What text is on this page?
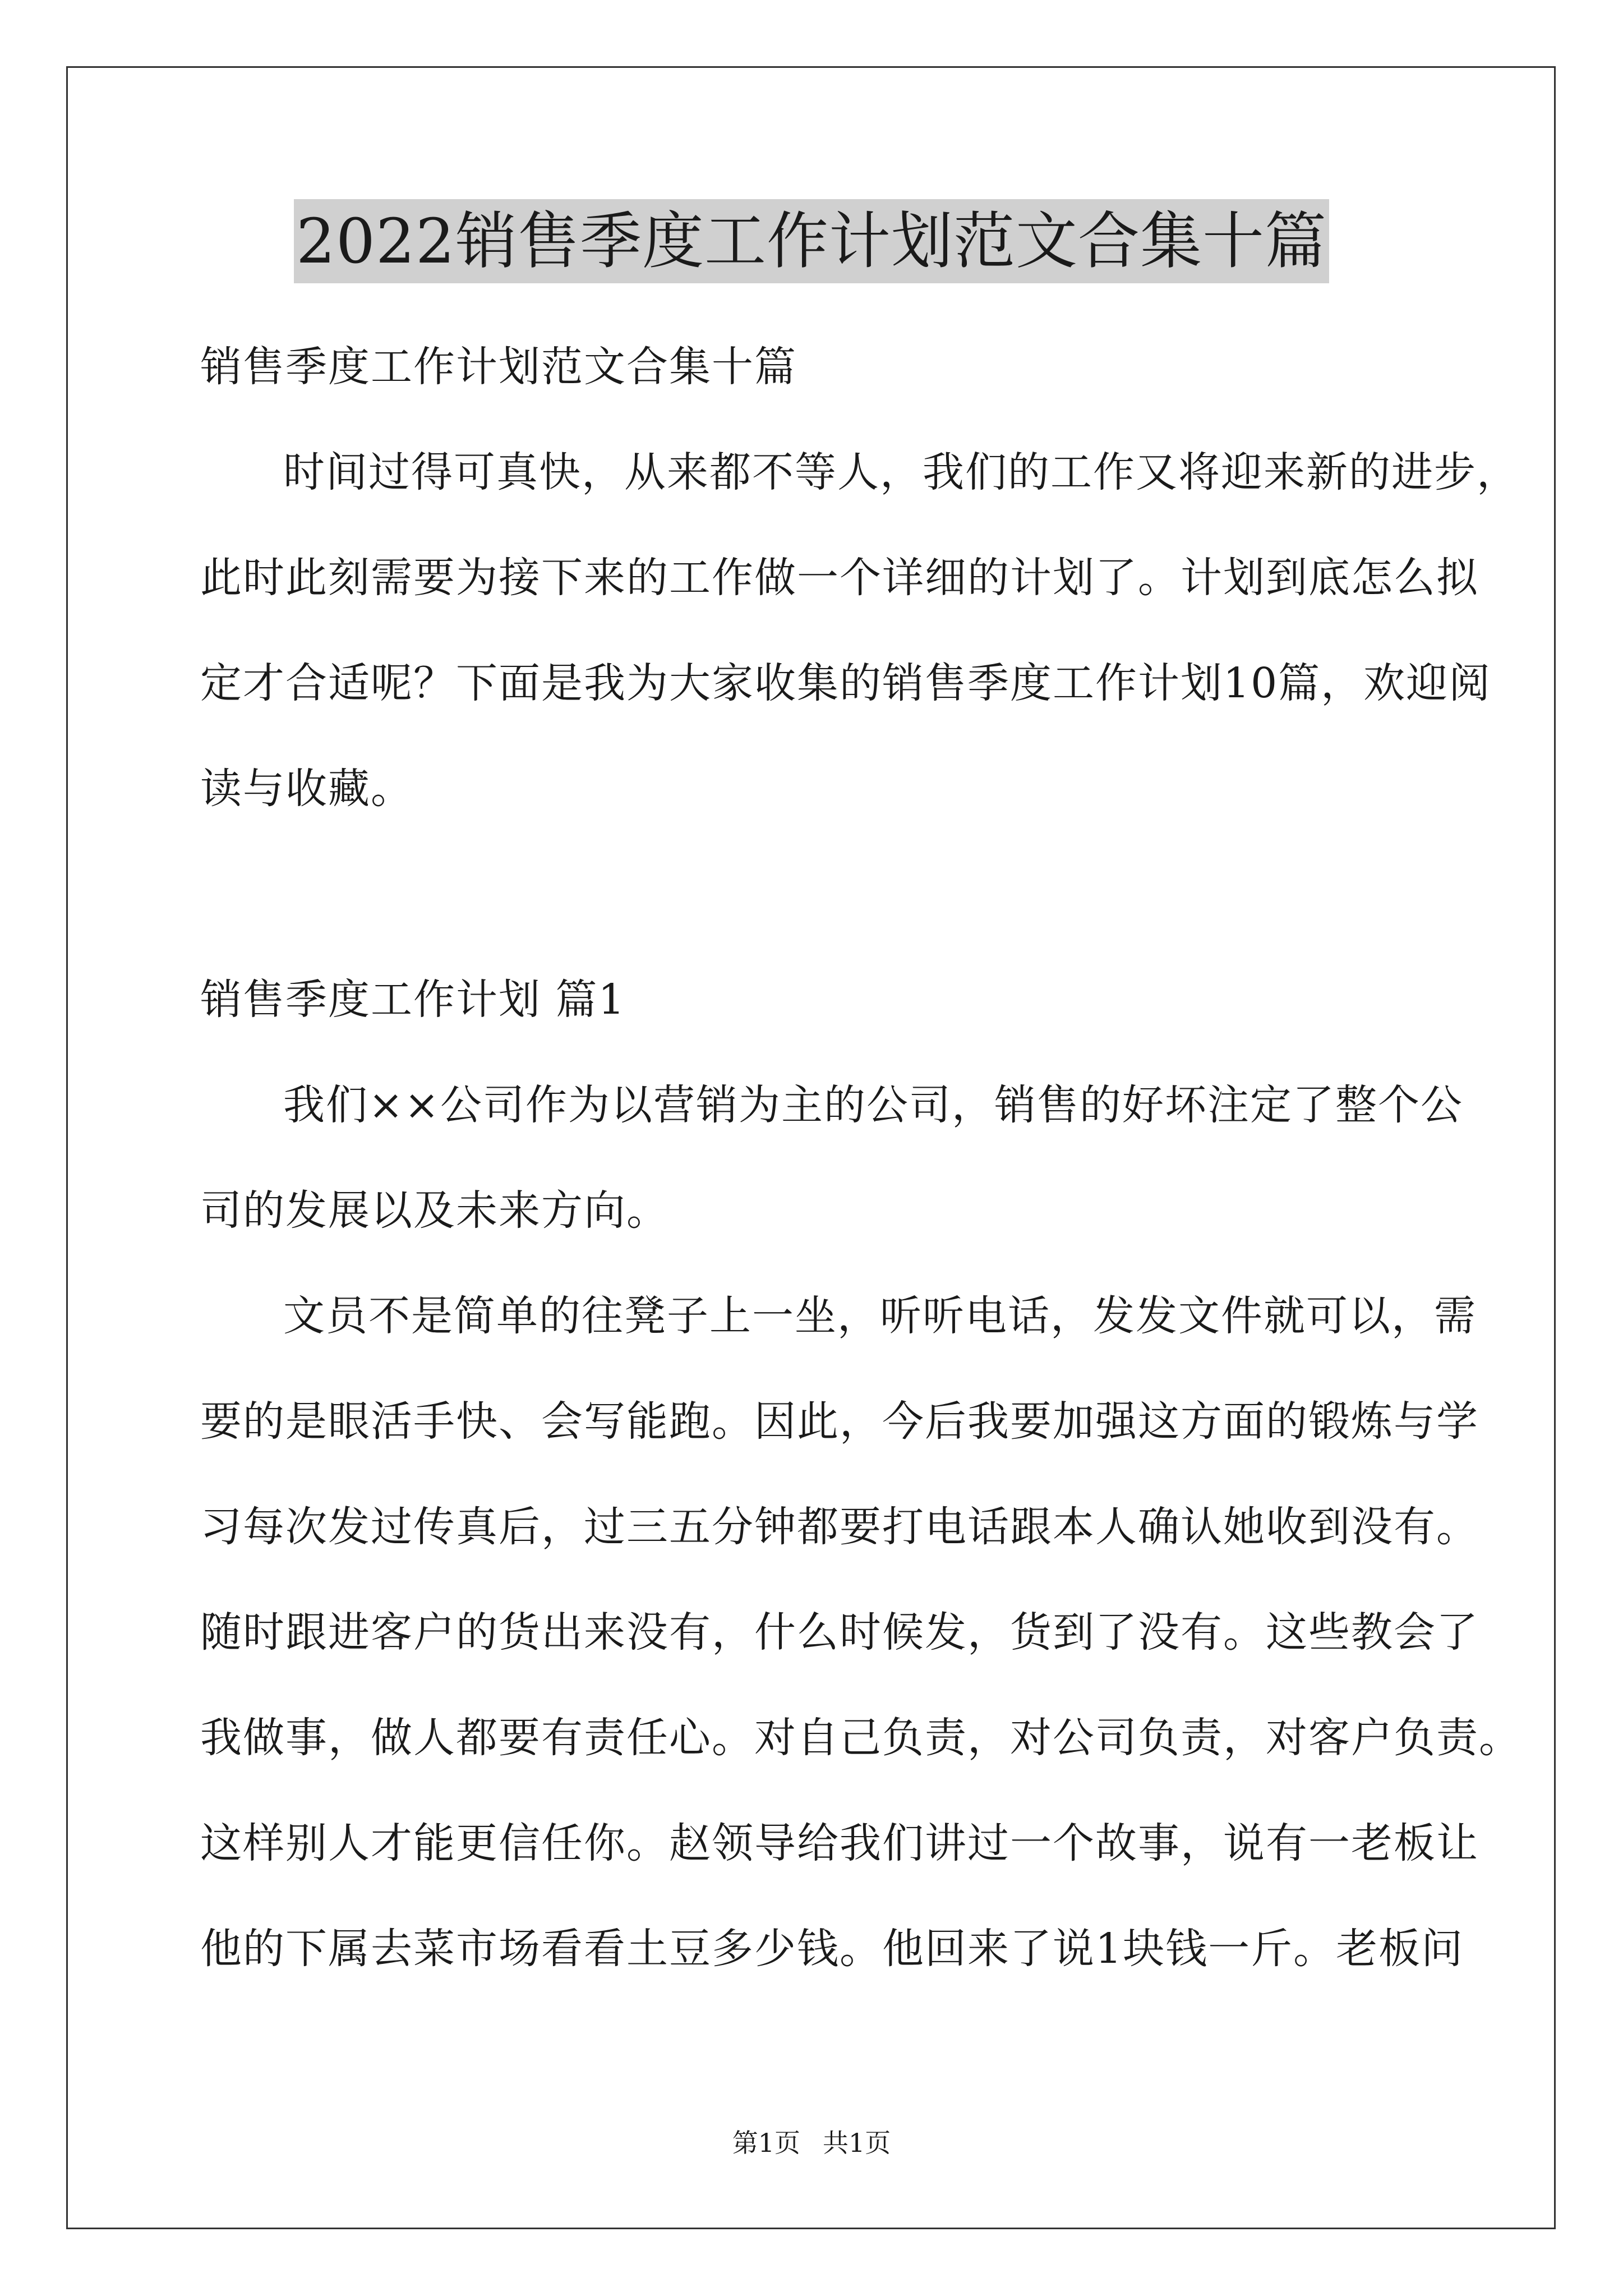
2022销售季度工作计划范文合集十篇
销售季度工作计划范文合集十篇
时间过得可真快，从来都不等人，我们的工作又将迎来新的进步，
此时此刻需要为接下来的工作做一个详细的计划了。计划到底怎么拟
定才合适呢？下面是我为大家收集的销售季度工作计划10篇，欢迎阅
读与收藏。
销售季度工作计划 篇1
我们××公司作为以营销为主的公司，销售的好坏注定了整个公
司的发展以及未来方向。
文员不是简单的往凳子上一坐，听听电话，发发文件就可以，需
要的是眼活手快、会写能跑。因此，今后我要加强这方面的锻炼与学
习每次发过传真后，过三五分钟都要打电话跟本人确认她收到没有。
随时跟进客户的货出来没有，什么时候发，货到了没有。这些教会了
我做事，做人都要有责任心。对自己负责，对公司负责，对客户负责。
这样别人才能更信任你。赵领导给我们讲过一个故事，说有一老板让
他的下属去菜市场看看土豆多少钱。他回来了说1块钱一斤。老板问
第1页 共1页
